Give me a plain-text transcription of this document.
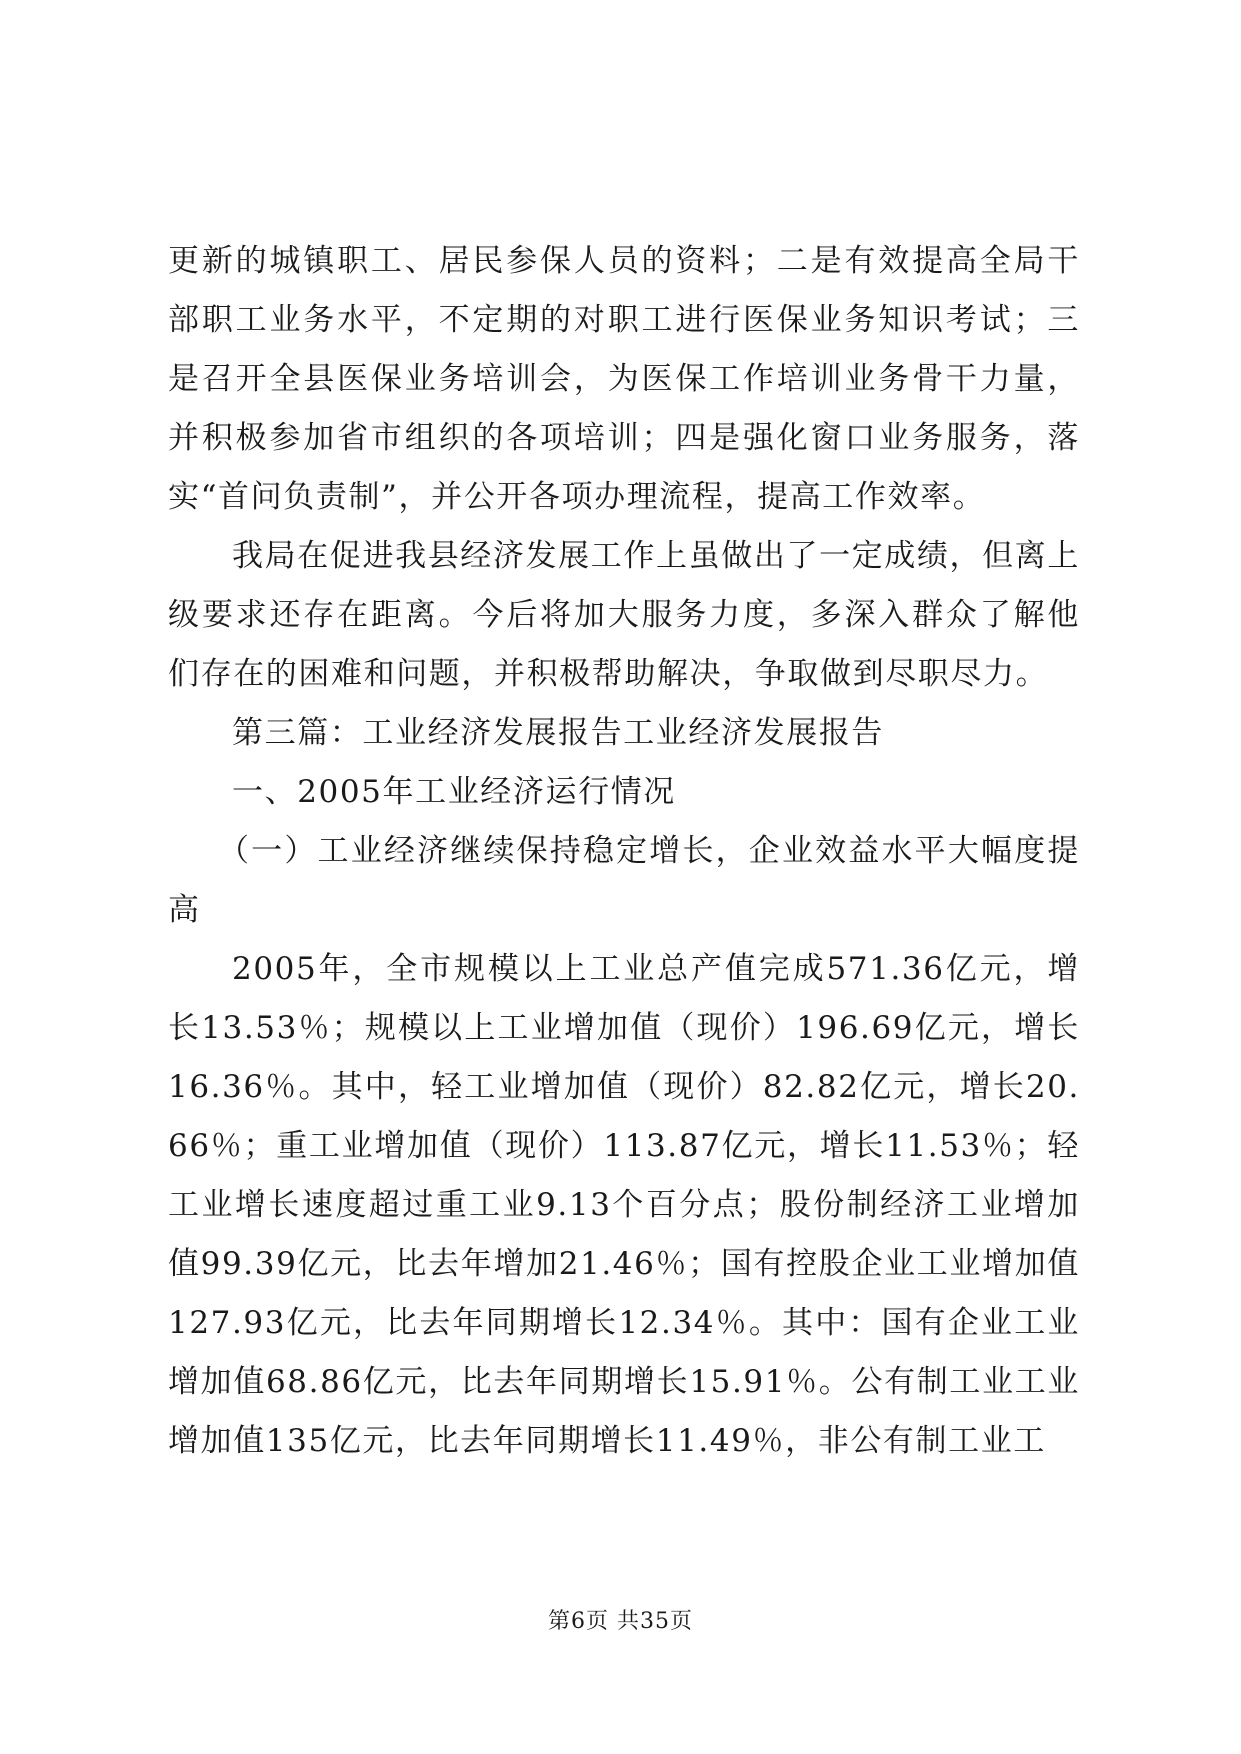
更新的城镇职工、居民参保人员的资料；二是有效提高全局干部职工业务水平，不定期的对职工进行医保业务知识考试；三是召开全县医保业务培训会，为医保工作培训业务骨干力量，并积极参加省市组织的各项培训；四是强化窗口业务服务，落实“首问负责制”，并公开各项办理流程，提高工作效率。

我局在促进我县经济发展工作上虽做出了一定成绩，但离上级要求还存在距离。今后将加大服务力度，多深入群众了解他们存在的困难和问题，并积极帮助解决，争取做到尽职尽力。

第三篇：工业经济发展报告工业经济发展报告

一、2005年工业经济运行情况

（一）工业经济继续保持稳定增长，企业效益水平大幅度提高

2005年，全市规模以上工业总产值完成571.36亿元，增长13.53％；规模以上工业增加值（现价）196.69亿元，增长16.36％。其中，轻工业增加值（现价）82.82亿元，增长20.66％；重工业增加值（现价）113.87亿元，增长11.53％；轻工业增长速度超过重工业9.13个百分点；股份制经济工业增加值99.39亿元，比去年增加21.46％；国有控股企业工业增加值127.93亿元，比去年同期增长12.34％。其中：国有企业工业增加值68.86亿元，比去年同期增长15.91％。公有制工业工业增加值135亿元，比去年同期增长11.49％，非公有制工业工

第6页 共35页
